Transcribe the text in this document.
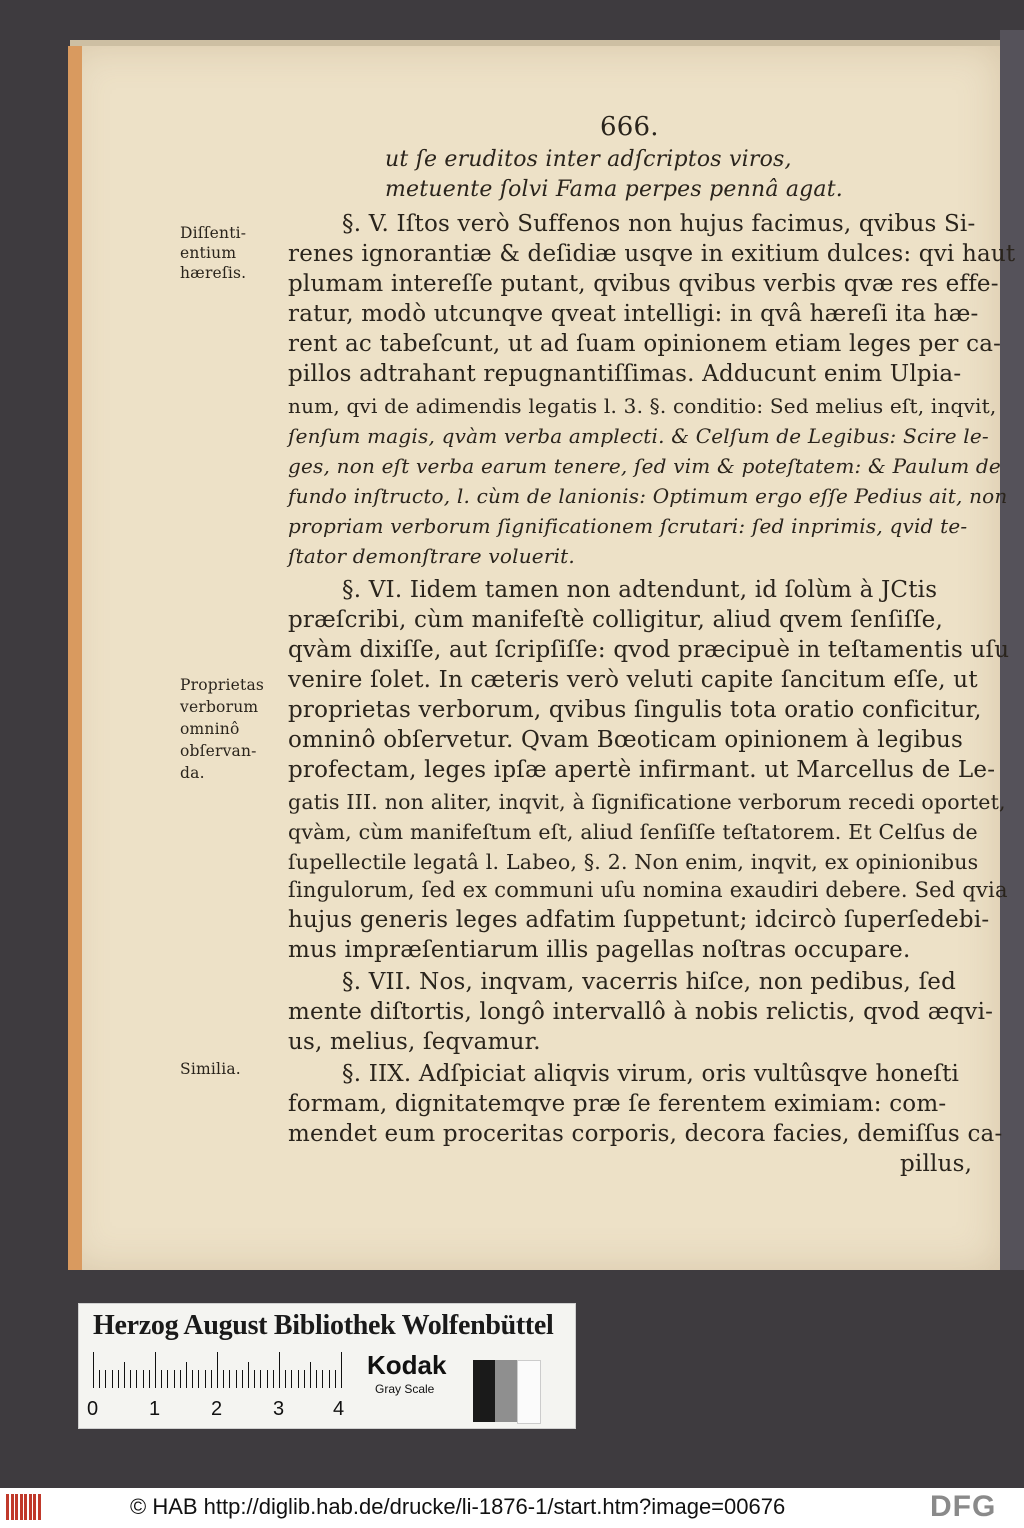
666.
ut ſe eruditos inter adſcriptos viros,
metuente ſolvi Fama perpes pennâ agat.
§. V. Iſtos verò Suffenos non hujus facimus, qvibus Si-
renes ignorantiæ & deſidiæ usqve in exitium dulces: qvi haut
plumam intereſſe putant, qvibus qvibus verbis qvæ res effe-
ratur, modò utcunqve qveat intelligi: in qvâ hæreſi ita hæ-
rent ac tabeſcunt, ut ad ſuam opinionem etiam leges per ca-
pillos adtrahant repugnantiſſimas. Adducunt enim Ulpia-
num, qvi de adimendis legatis l. 3. §. conditio: Sed melius eſt, inqvit,
ſenſum magis, qvàm verba amplecti. & Celſum de Legibus: Scire le-
ges, non eſt verba earum tenere, ſed vim & poteſtatem: & Paulum de
fundo inſtructo, l. cùm de lanionis: Optimum ergo eſſe Pedius ait, non
propriam verborum ſignificationem ſcrutari: ſed inprimis, qvid te-
ſtator demonſtrare voluerit.
§. VI. Iidem tamen non adtendunt, id ſolùm à JCtis
præſcribi, cùm manifeſtè colligitur, aliud qvem ſenſiſſe,
qvàm dixiſſe, aut ſcripſiſſe: qvod præcipuè in teſtamentis uſu
venire ſolet. In cæteris verò veluti capite ſancitum eſſe, ut
proprietas verborum, qvibus ſingulis tota oratio conficitur,
omninô obſervetur. Qvam Bœoticam opinionem à legibus
profectam, leges ipſæ apertè infirmant. ut Marcellus de Le-
gatis III. non aliter, inqvit, à ſignificatione verborum recedi oportet,
qvàm, cùm manifeſtum eſt, aliud ſenſiſſe teſtatorem. Et Celſus de
ſupellectile legatâ l. Labeo, §. 2. Non enim, inqvit, ex opinionibus
ſingulorum, ſed ex communi uſu nomina exaudiri debere. Sed qvia
hujus generis leges adfatim ſuppetunt; idcircò ſuperſedebi-
mus impræſentiarum illis pagellas noſtras occupare.
§. VII. Nos, inqvam, vacerris hiſce, non pedibus, ſed
mente diſtortis, longô intervallô à nobis relictis, qvod æqvi-
us, melius, ſeqvamur.
§. IIX. Adſpiciat aliqvis virum, oris vultûsqve honeſti
formam, dignitatemqve præ ſe ferentem eximiam: com-
mendet eum proceritas corporis, decora facies, demiſſus ca-
pillus,
Diſſenti-
entium
hæreſis.
Proprietas
verborum
omninô
obſervan-
da.
Similia.
Herzog August Bibliothek Wolfenbüttel
0	1	2	3 4
Kodak
Gray Scale
© HAB http://diglib.hab.de/drucke/li-1876-1/start.htm?image=00676	DFG
